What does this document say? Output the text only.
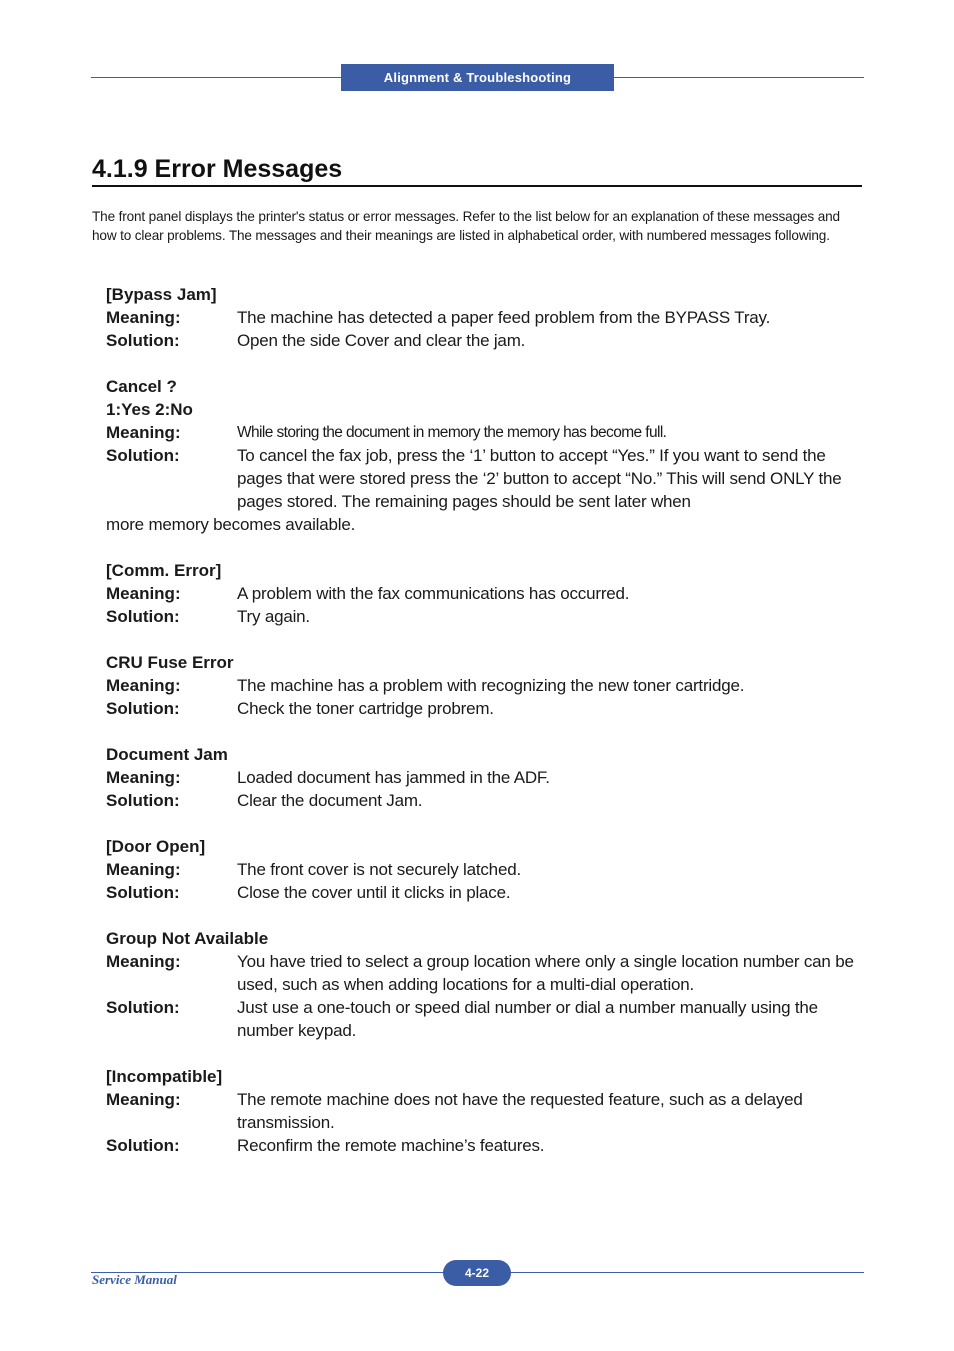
Alignment & Troubleshooting
4.1.9 Error Messages
The front panel displays the printer's status or error messages. Refer to the list below for an explanation of these messages and how to clear problems. The messages and their meanings are listed in alphabetical order, with numbered messages following.
[Bypass Jam]
Meaning:	The machine has detected a paper feed problem from the BYPASS Tray.
Solution:	Open the side Cover and clear the jam.
Cancel ?
1:Yes 2:No
Meaning:	While storing the document in memory the memory has become full.
Solution:	To cancel the fax job, press the ‘1’ button to accept “Yes.” If you want to send the pages that were stored press the ‘2’ button to accept “No.” This will send ONLY the pages stored. The remaining pages should be sent later when
more memory becomes available.
[Comm. Error]
Meaning:	A problem with the fax communications has occurred.
Solution:	Try again.
CRU Fuse Error
Meaning:	The machine has a problem with recognizing the new toner cartridge.
Solution:	Check the toner cartridge probrem.
Document Jam
Meaning:	Loaded document has jammed in the ADF.
Solution:	Clear the document Jam.
[Door Open]
Meaning:	The front cover is not securely latched.
Solution:	Close the cover until it clicks in place.
Group Not Available
Meaning:	You have tried to select a group location where only a single location number can be used, such as when adding locations for a multi-dial operation.
Solution:	Just use a one-touch or speed dial number or dial a number manually using the number keypad.
[Incompatible]
Meaning:	The remote machine does not have the requested feature, such as a delayed transmission.
Solution:	Reconfirm the remote machine’s features.
Service Manual	4-22
